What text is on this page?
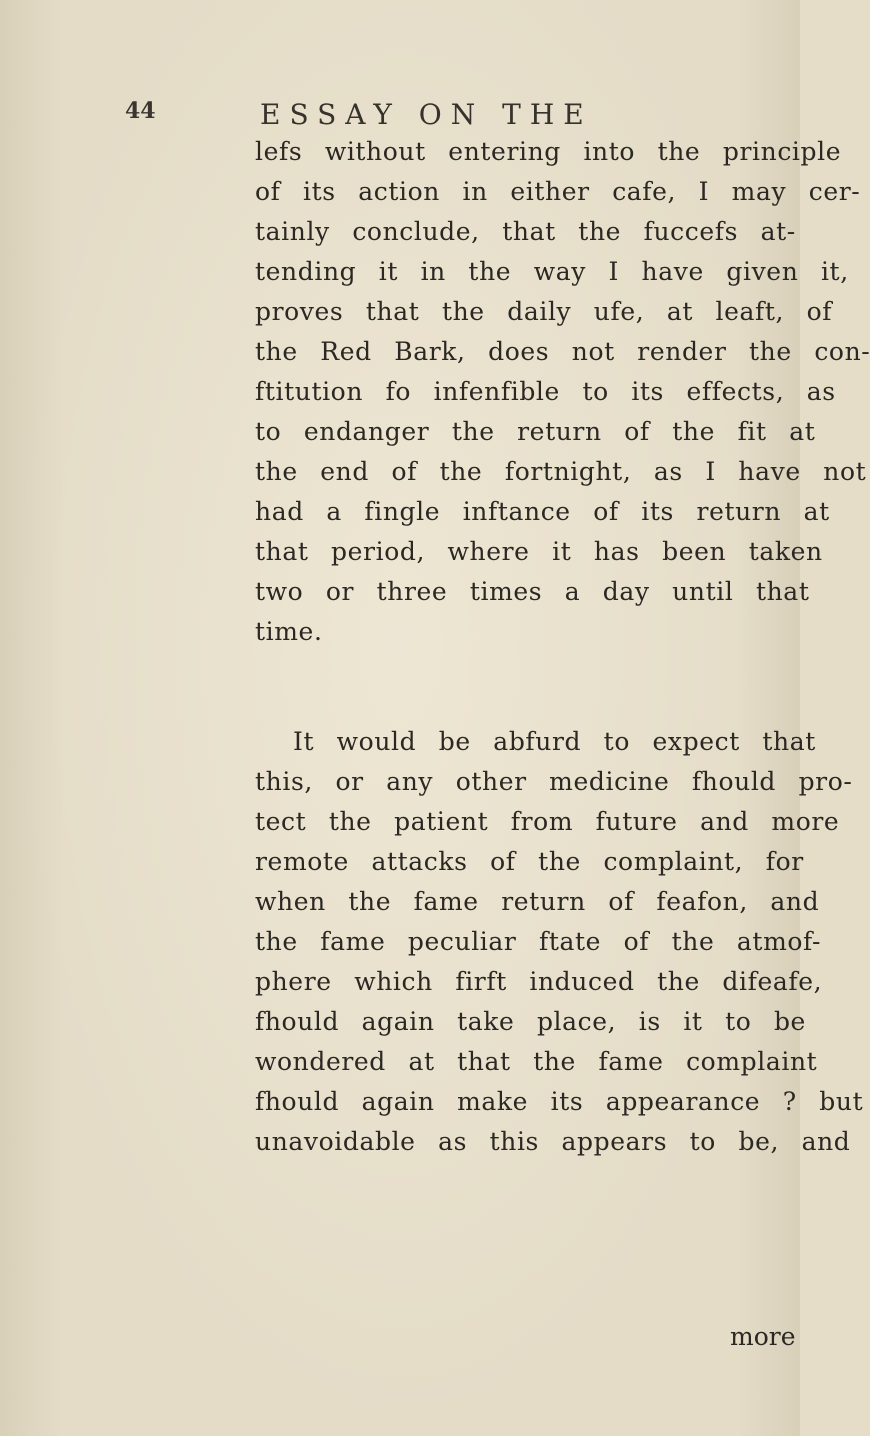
44	ESSAY ON THE
lefs without entering into the principle
of its action in either cafe, I may cer-
tainly conclude, that the fuccefs at-
tending it in the way I have given it,
proves that the daily ufe, at leaft, of
the Red Bark, does not render the con-
ftitution fo infenfible to its effects, as
to endanger the return of the fit at
the end of the fortnight, as I have not
had a fingle inftance of its return at
that period, where it has been taken
two or three times a day until that
time.
It would be abfurd to expect that
this, or any other medicine fhould pro-
tect the patient from future and more
remote attacks of the complaint, for
when the fame return of feafon, and
the fame peculiar ftate of the atmof-
phere which firft induced the difeafe,
fhould again take place, is it to be
wondered at that the fame complaint
fhould again make its appearance ? but
unavoidable as this appears to be, and
more
